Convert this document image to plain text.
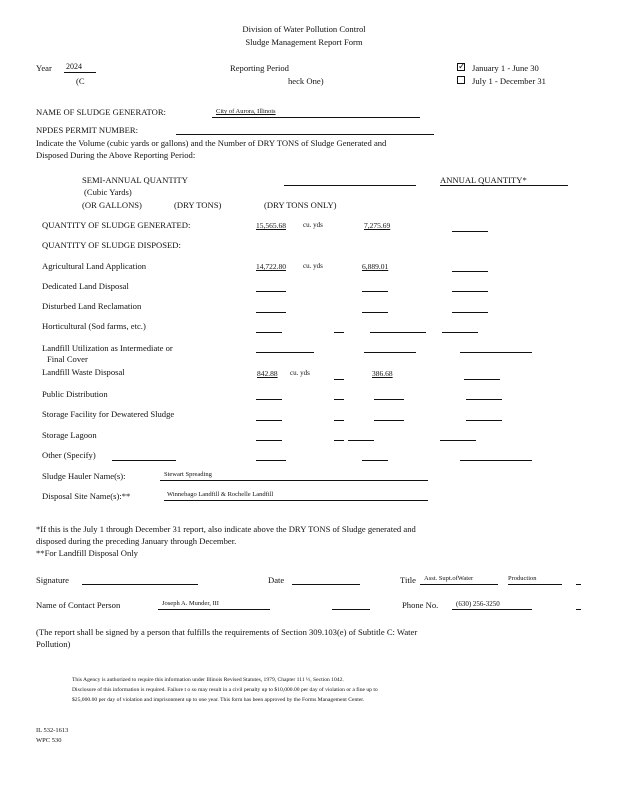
Division of Water Pollution Control
Sludge Management Report Form
Year 2024
(C
Reporting Period
heck One)
✓ January 1 - June 30
July 1 - December 31
NAME OF SLUDGE GENERATOR:	City of Aurora, Illinois
NPDES PERMIT NUMBER:
Indicate the Volume (cubic yards or gallons) and the Number of DRY TONS of Sludge Generated and
Disposed During the Above Reporting Period:
SEMI-ANNUAL QUANTITY	ANNUAL QUANTITY*
(Cubic Yards)
(OR GALLONS)	(DRY TONS)	(DRY TONS ONLY)
QUANTITY OF SLUDGE GENERATED:	15,565.68 cu. yds	7,275.69
QUANTITY OF SLUDGE DISPOSED:
Agricultural Land Application	14,722.80 cu. yds	6,889.01
Dedicated Land Disposal
Disturbed Land Reclamation
Horticultural (Sod farms, etc.)
Landfill Utilization as Intermediate or
Final Cover
Landfill Waste Disposal	842.88 cu. yds	386.68
Public Distribution
Storage Facility for Dewatered Sludge
Storage Lagoon
Other (Specify)
Sludge Hauler Name(s):	Stewart Spreading
Disposal Site Name(s):**	Winnebago Landfill & Rochelle Landfill
*If this is the July 1 through December 31 report, also indicate above the DRY TONS of Sludge generated and
disposed during the preceding January through December.
**For Landfill Disposal Only
Signature	Date	Title Asst. Supt.ofWater	Production
Name of Contact Person	Joseph A. Munder, III	Phone No.	(630) 256-3250
(The report shall be signed by a person that fulfills the requirements of Section 309.103(e) of Subtitle C: Water
Pollution)
This Agency is authorized to require this information under Illinois Revised Statutes, 1979, Chapter 111 ½, Section 1042.
Disclosure of this information is required. Failure t o so may result in a civil penalty up to $10,000.00 per day of violation or a fine up to
$25,000.00 per day of violation and imprisonment up to one year. This form has been approved by the Forms Management Center.
IL 532-1613
WPC 530
